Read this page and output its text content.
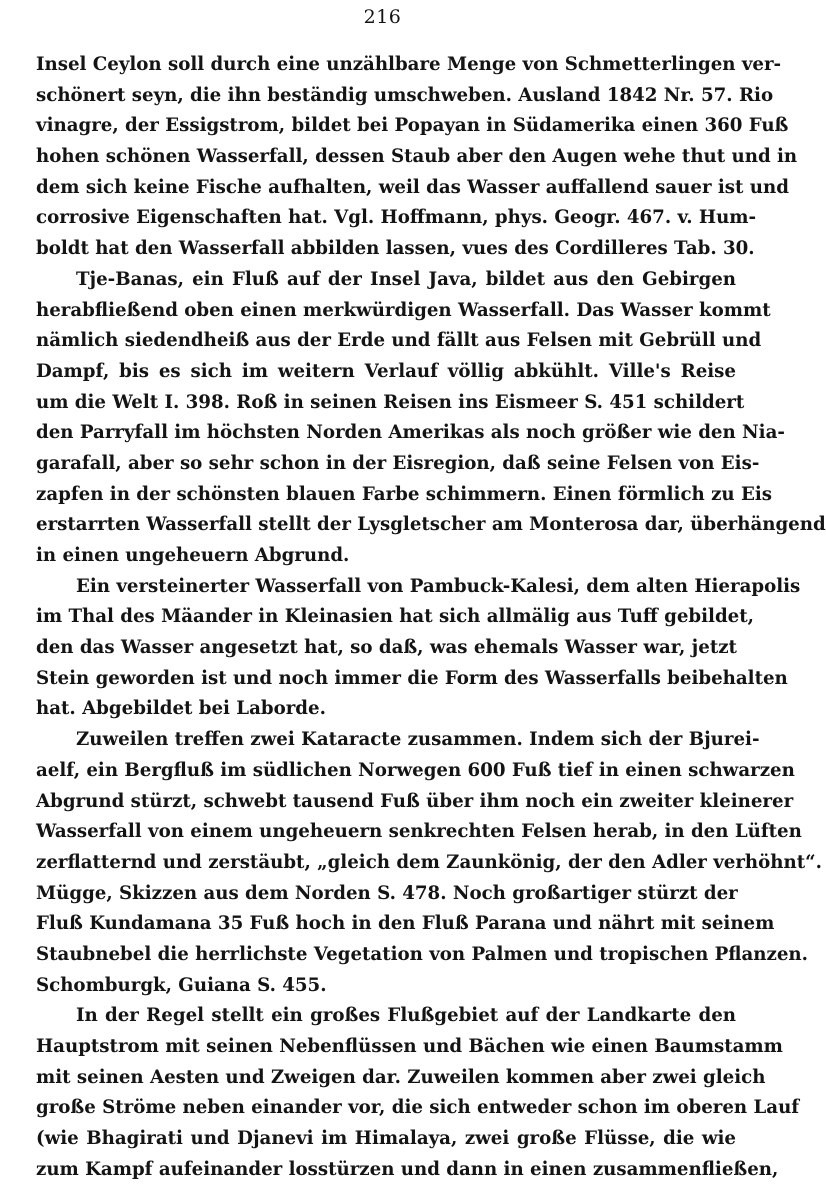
216
Insel Ceylon soll durch eine unzählbare Menge von Schmetterlingen ver-
schönert seyn, die ihn beständig umschweben. Ausland 1842 Nr. 57. Rio
vinagre, der Essigstrom, bildet bei Popayan in Südamerika einen 360 Fuß
hohen schönen Wasserfall, dessen Staub aber den Augen wehe thut und in
dem sich keine Fische aufhalten, weil das Wasser auffallend sauer ist und
corrosive Eigenschaften hat. Vgl. Hoffmann, phys. Geogr. 467. v. Hum-
boldt hat den Wasserfall abbilden lassen, vues des Cordilleres Tab. 30.
Tje-Banas, ein Fluß auf der Insel Java, bildet aus den Gebirgen
herabfließend oben einen merkwürdigen Wasserfall. Das Wasser kommt
nämlich siedendheiß aus der Erde und fällt aus Felsen mit Gebrüll und
Dampf, bis es sich im weitern Verlauf völlig abkühlt. Ville's Reise
um die Welt I. 398. Roß in seinen Reisen ins Eismeer S. 451 schildert
den Parryfall im höchsten Norden Amerikas als noch größer wie den Nia-
garafall, aber so sehr schon in der Eisregion, daß seine Felsen von Eis-
zapfen in der schönsten blauen Farbe schimmern. Einen förmlich zu Eis
erstarrten Wasserfall stellt der Lysgletscher am Monterosa dar, überhängend
in einen ungeheuern Abgrund.
Ein versteinerter Wasserfall von Pambuck-Kalesi, dem alten Hierapolis
im Thal des Mäander in Kleinasien hat sich allmälig aus Tuff gebildet,
den das Wasser angesetzt hat, so daß, was ehemals Wasser war, jetzt
Stein geworden ist und noch immer die Form des Wasserfalls beibehalten
hat. Abgebildet bei Laborde.
Zuweilen treffen zwei Kataracte zusammen. Indem sich der Bjurei-
aelf, ein Bergfluß im südlichen Norwegen 600 Fuß tief in einen schwarzen
Abgrund stürzt, schwebt tausend Fuß über ihm noch ein zweiter kleinerer
Wasserfall von einem ungeheuern senkrechten Felsen herab, in den Lüften
zerflatternd und zerstäubt, „gleich dem Zaunkönig, der den Adler verhöhnt“.
Mügge, Skizzen aus dem Norden S. 478. Noch großartiger stürzt der
Fluß Kundamana 35 Fuß hoch in den Fluß Parana und nährt mit seinem
Staubnebel die herrlichste Vegetation von Palmen und tropischen Pflanzen.
Schomburgk, Guiana S. 455.
In der Regel stellt ein großes Flußgebiet auf der Landkarte den
Hauptstrom mit seinen Nebenflüssen und Bächen wie einen Baumstamm
mit seinen Aesten und Zweigen dar. Zuweilen kommen aber zwei gleich
große Ströme neben einander vor, die sich entweder schon im oberen Lauf
(wie Bhagirati und Djanevi im Himalaya, zwei große Flüsse, die wie
zum Kampf aufeinander losstürzen und dann in einen zusammenfließen,
